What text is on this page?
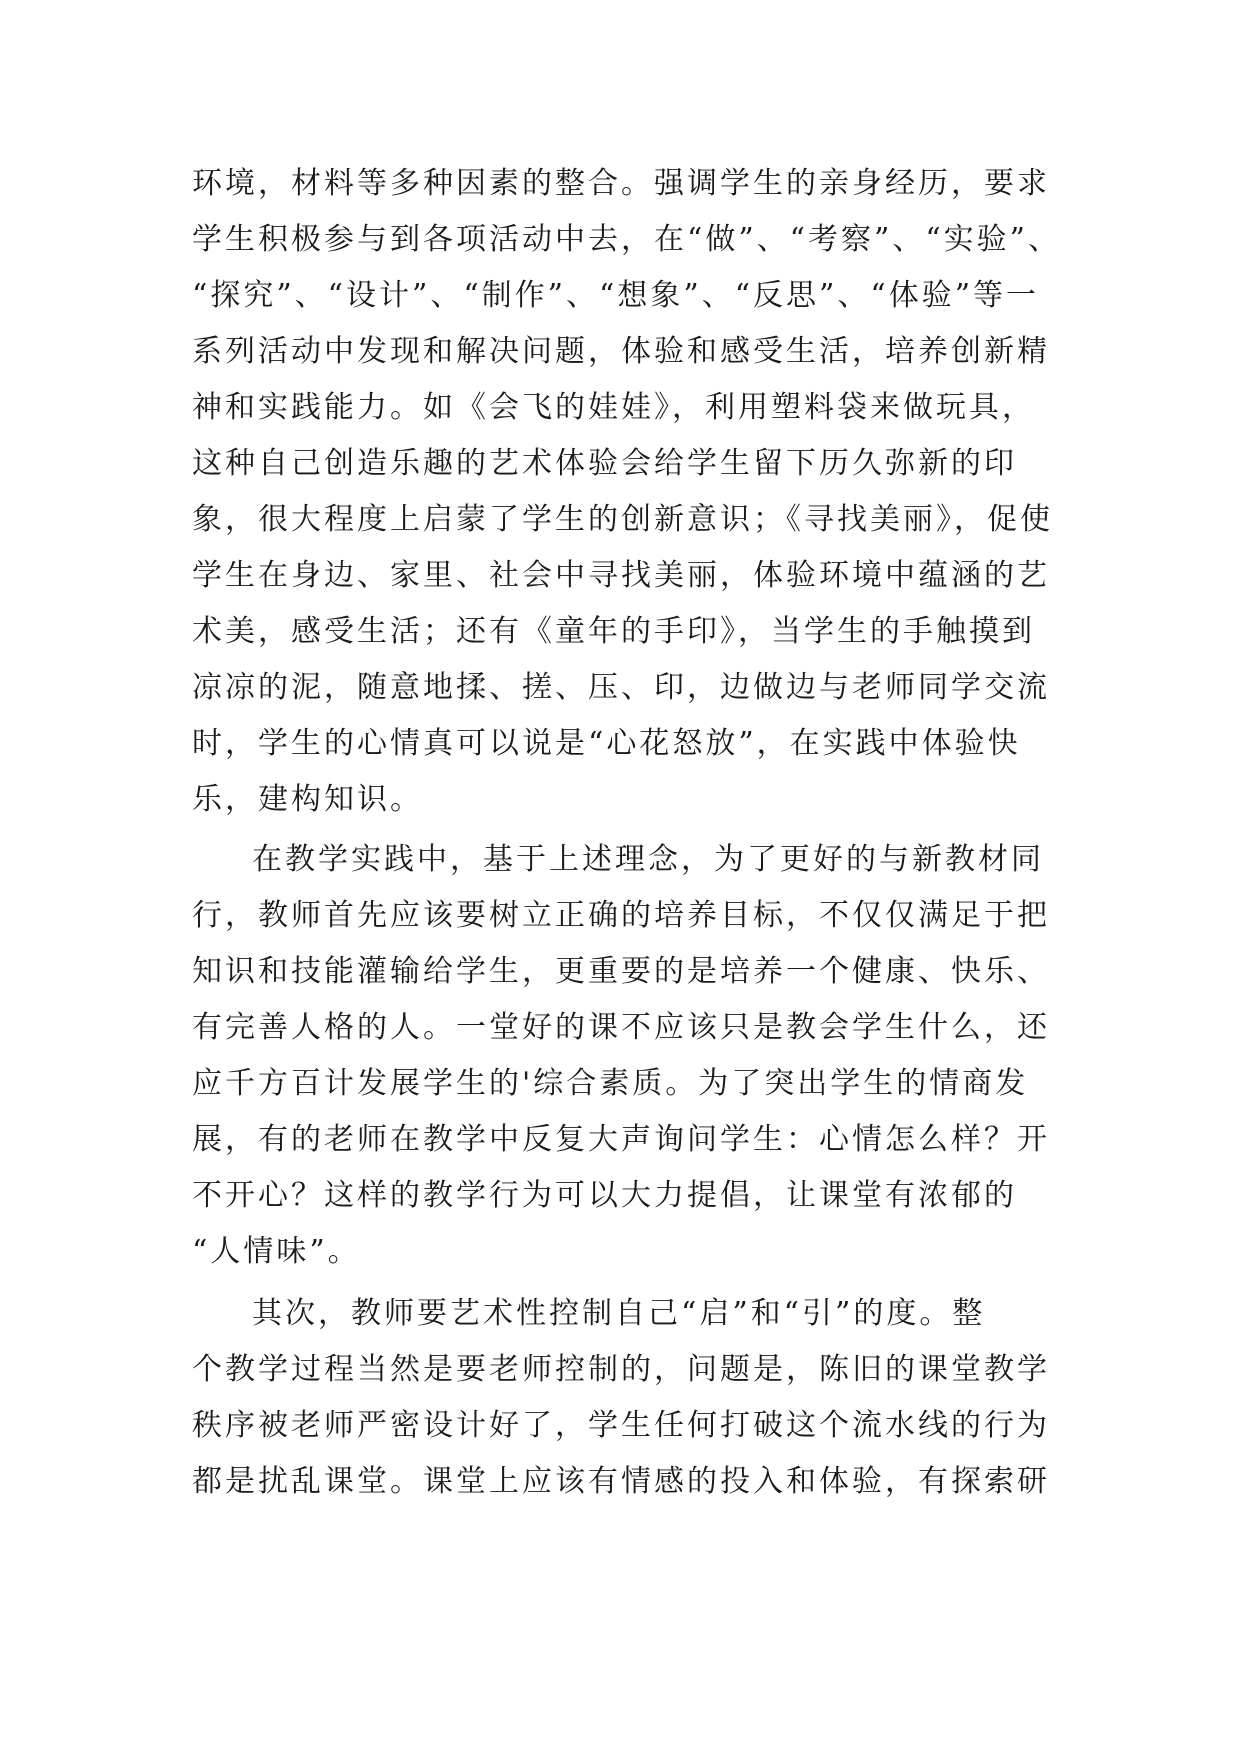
环境，材料等多种因素的整合。强调学生的亲身经历，要求
学生积极参与到各项活动中去，在“做”、“考察”、“实验”、
“探究”、“设计”、“制作”、“想象”、“反思”、“体验”等一
系列活动中发现和解决问题，体验和感受生活，培养创新精
神和实践能力。如《会飞的娃娃》，利用塑料袋来做玩具，
这种自己创造乐趣的艺术体验会给学生留下历久弥新的印
象，很大程度上启蒙了学生的创新意识；《寻找美丽》，促使
学生在身边、家里、社会中寻找美丽，体验环境中蕴涵的艺
术美，感受生活；还有《童年的手印》，当学生的手触摸到
凉凉的泥，随意地揉、搓、压、印，边做边与老师同学交流
时，学生的心情真可以说是“心花怒放”，在实践中体验快
乐，建构知识。
在教学实践中，基于上述理念，为了更好的与新教材同
行，教师首先应该要树立正确的培养目标，不仅仅满足于把
知识和技能灌输给学生，更重要的是培养一个健康、快乐、
有完善人格的人。一堂好的课不应该只是教会学生什么，还
应千方百计发展学生的'综合素质。为了突出学生的情商发
展，有的老师在教学中反复大声询问学生：心情怎么样？开
不开心？这样的教学行为可以大力提倡，让课堂有浓郁的
“人情味”。
其次，教师要艺术性控制自己“启”和“引”的度。整
个教学过程当然是要老师控制的，问题是，陈旧的课堂教学
秩序被老师严密设计好了，学生任何打破这个流水线的行为
都是扰乱课堂。课堂上应该有情感的投入和体验，有探索研
